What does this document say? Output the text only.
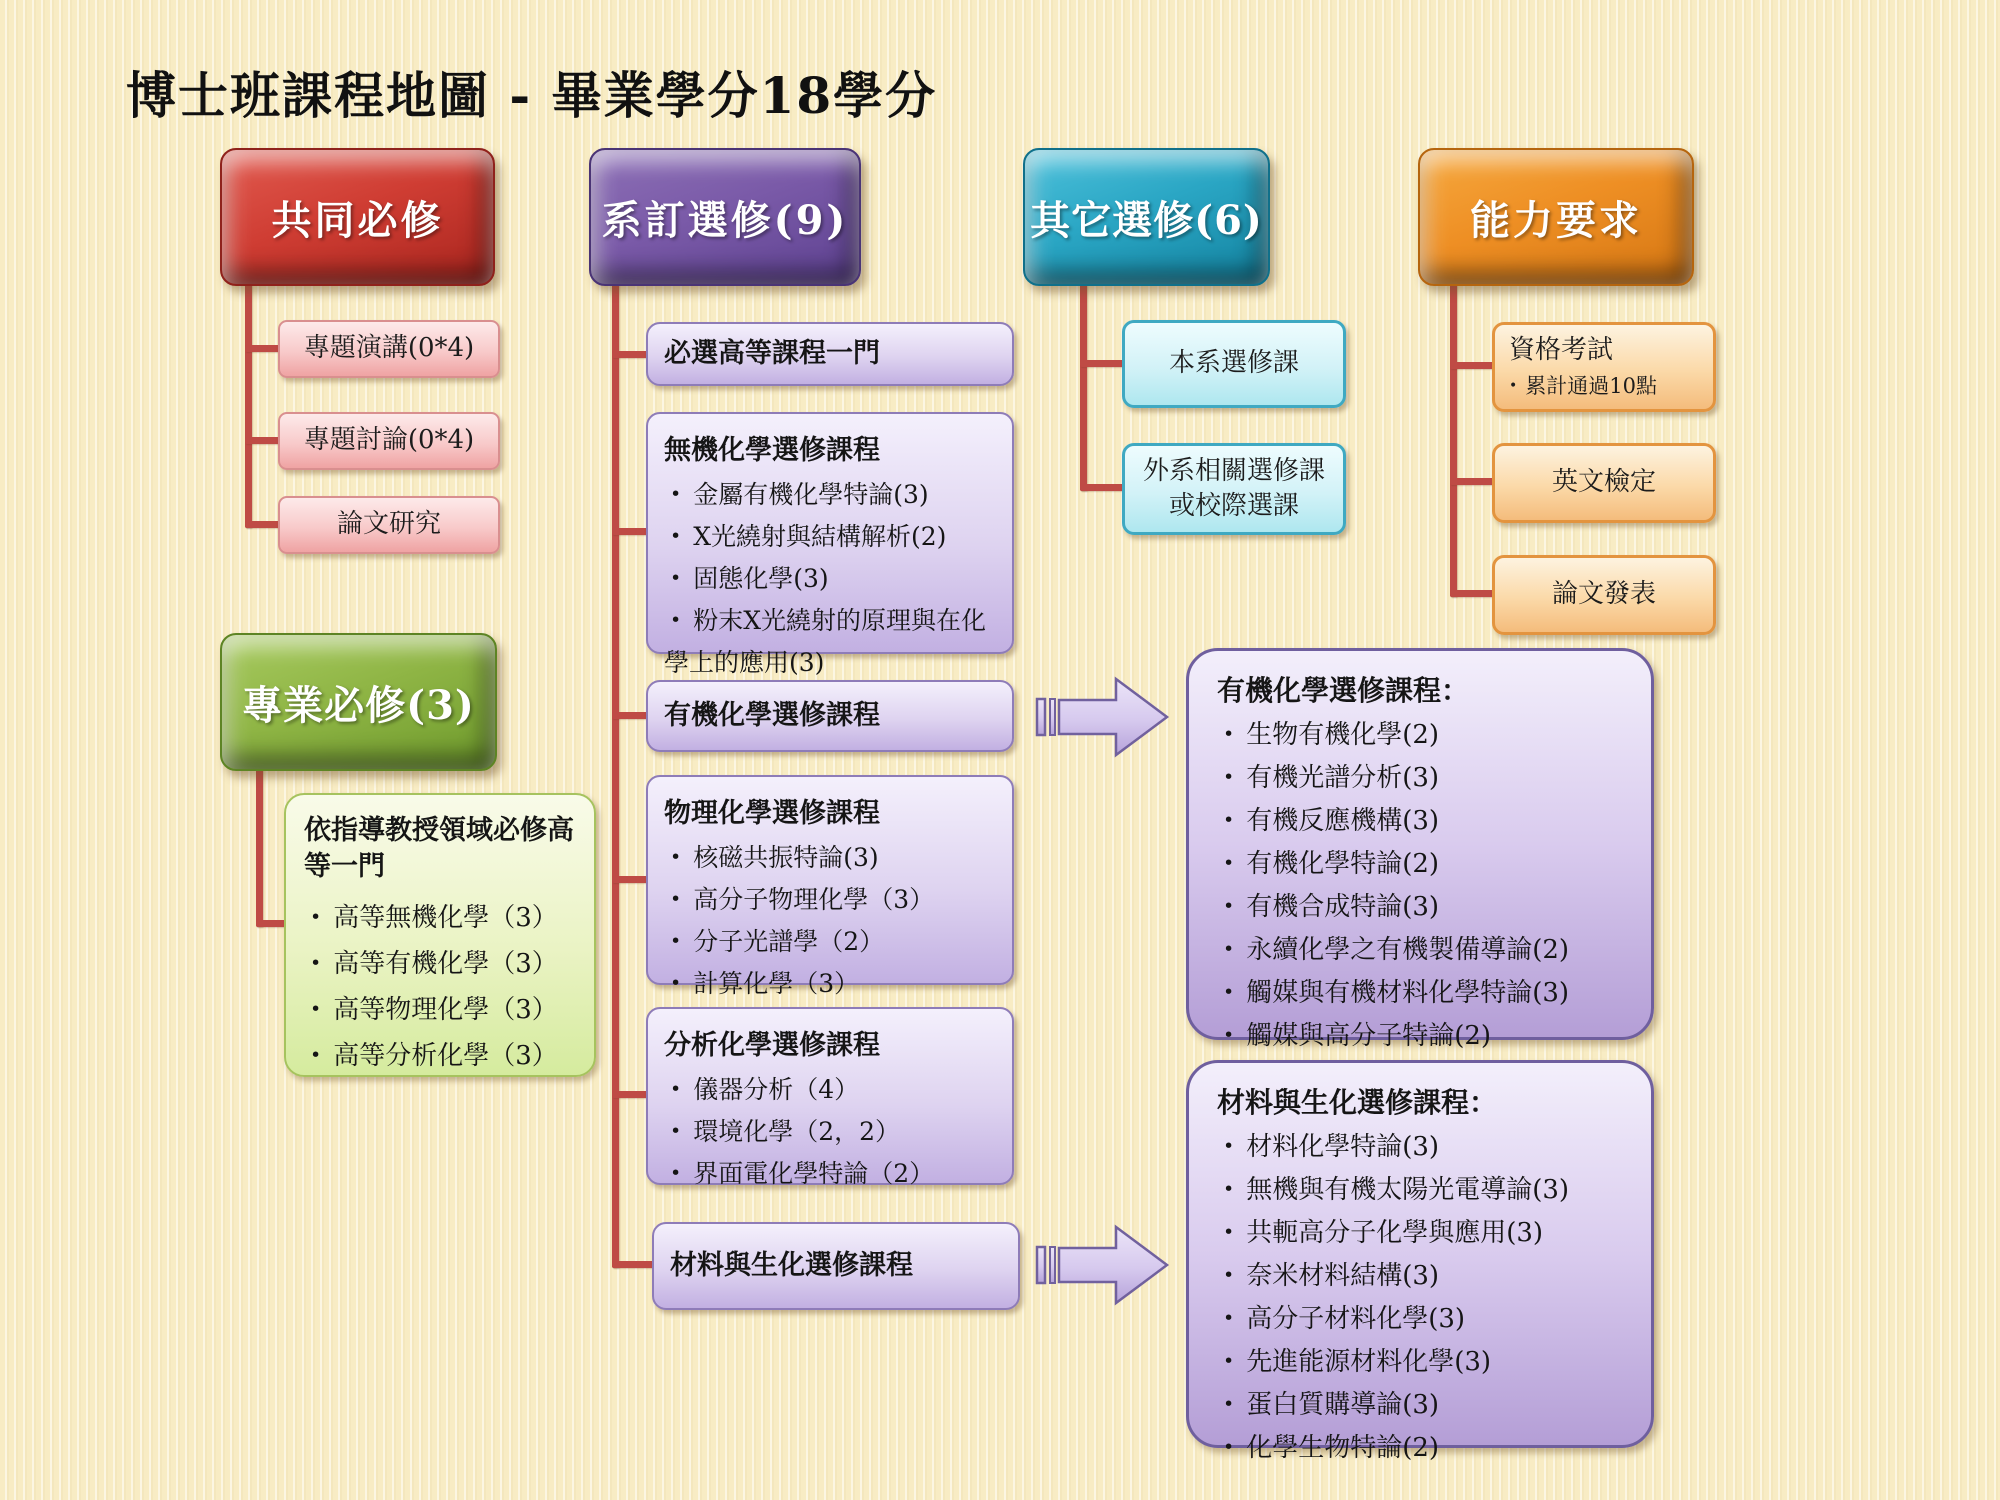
博士班課程地圖 - 畢業學分18學分
共同必修	系訂選修(9)	其它選修(6)	能力要求
專業必修(3)
專題演講(0*4)
專題討論(0*4)
論文研究
依指導教授領域必修高等一門
• 高等無機化學（3）
• 高等有機化學（3）
• 高等物理化學（3）
• 高等分析化學（3）
必選高等課程一門
無機化學選修課程
• 金屬有機化學特論(3)
• X光繞射與結構解析(2)
• 固態化學(3)
• 粉末X光繞射的原理與在化學上的應用(3)
有機化學選修課程
物理化學選修課程
• 核磁共振特論(3)
• 高分子物理化學（3）
• 分子光譜學（2）
• 計算化學（3）
分析化學選修課程
• 儀器分析（4）
• 環境化學（2，2）
• 界面電化學特論（2）
材料與生化選修課程
本系選修課
外系相關選修課或校際選課
資格考試
• 累計通過10點
英文檢定
論文發表
有機化學選修課程：
• 生物有機化學(2)
• 有機光譜分析(3)
• 有機反應機構(3)
• 有機化學特論(2)
• 有機合成特論(3)
• 永續化學之有機製備導論(2)
• 觸媒與有機材料化學特論(3)
• 觸媒與高分子特論(2)
材料與生化選修課程：
• 材料化學特論(3)
• 無機與有機太陽光電導論(3)
• 共軛高分子化學與應用(3)
• 奈米材料結構(3)
• 高分子材料化學(3)
• 先進能源材料化學(3)
• 蛋白質購導論(3)
• 化學生物特論(2)
